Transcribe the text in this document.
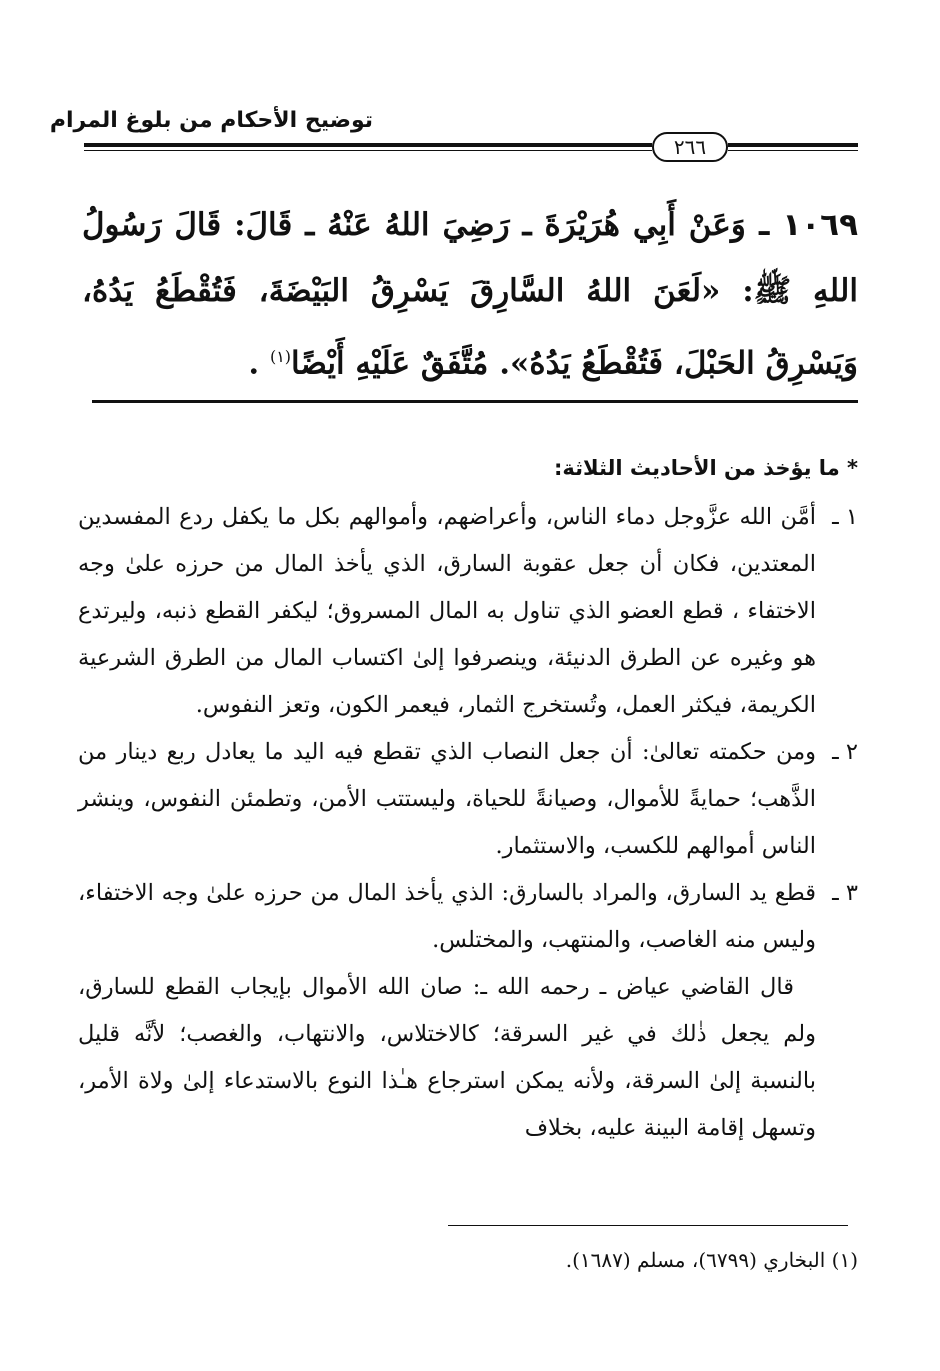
توضيح الأحكام من بلوغ المرام
٢٦٦

١٠٦٩ ـ وَعَنْ أَبِي هُرَيْرَةَ ـ رَضِيَ اللهُ عَنْهُ ـ قَالَ: قَالَ رَسُولُ اللهِ ﷺ: «لَعَنَ اللهُ السَّارِقَ يَسْرِقُ البَيْضَةَ، فَتُقْطَعُ يَدُهُ، وَيَسْرِقُ الحَبْلَ، فَتُقْطَعُ يَدُهُ». مُتَّفَقٌ عَلَيْهِ أَيْضًا$^{(١)}$ .

* ما يؤخذ من الأحاديث الثلاثة:

١ ـ
أمَّن الله عزَّوجل دماء الناس، وأعراضهم، وأموالهم بكل ما يكفل ردع المفسدين المعتدين، فكان أن جعل عقوبة السارق، الذي يأخذ المال من حرزه علىٰ وجه الاختفاء ، قطع العضو الذي تناول به المال المسروق؛ ليكفر القطع ذنبه، وليرتدع هو وغيره عن الطرق الدنيئة، وينصرفوا إلىٰ اكتساب المال من الطرق الشرعية الكريمة، فيكثر العمل، وتُستخرج الثمار، فيعمر الكون، وتعز النفوس.

٢ ـ
ومن حكمته تعالىٰ: أن جعل النصاب الذي تقطع فيه اليد ما يعادل ربع دينار من الذَّهب؛ حمايةً للأموال، وصيانةً للحياة، وليستتب الأمن، وتطمئن النفوس، وينشر الناس أموالهم للكسب، والاستثمار.

٣ ـ
قطع يد السارق، والمراد بالسارق: الذي يأخذ المال من حرزه علىٰ وجه الاختفاء، وليس منه الغاصب، والمنتهب، والمختلس.

قال القاضي عياض ـ رحمه الله ـ: صان الله الأموال بإيجاب القطع للسارق، ولم يجعل ذٰلك في غير السرقة؛ كالاختلاس، والانتهاب، والغصب؛ لأنَّه قليل بالنسبة إلىٰ السرقة، ولأنه يمكن استرجاع هـٰذا النوع بالاستدعاء إلىٰ ولاة الأمر، وتسهل إقامة البينة عليه، بخلاف

(١) البخاري (٦٧٩٩)، مسلم (١٦٨٧).
